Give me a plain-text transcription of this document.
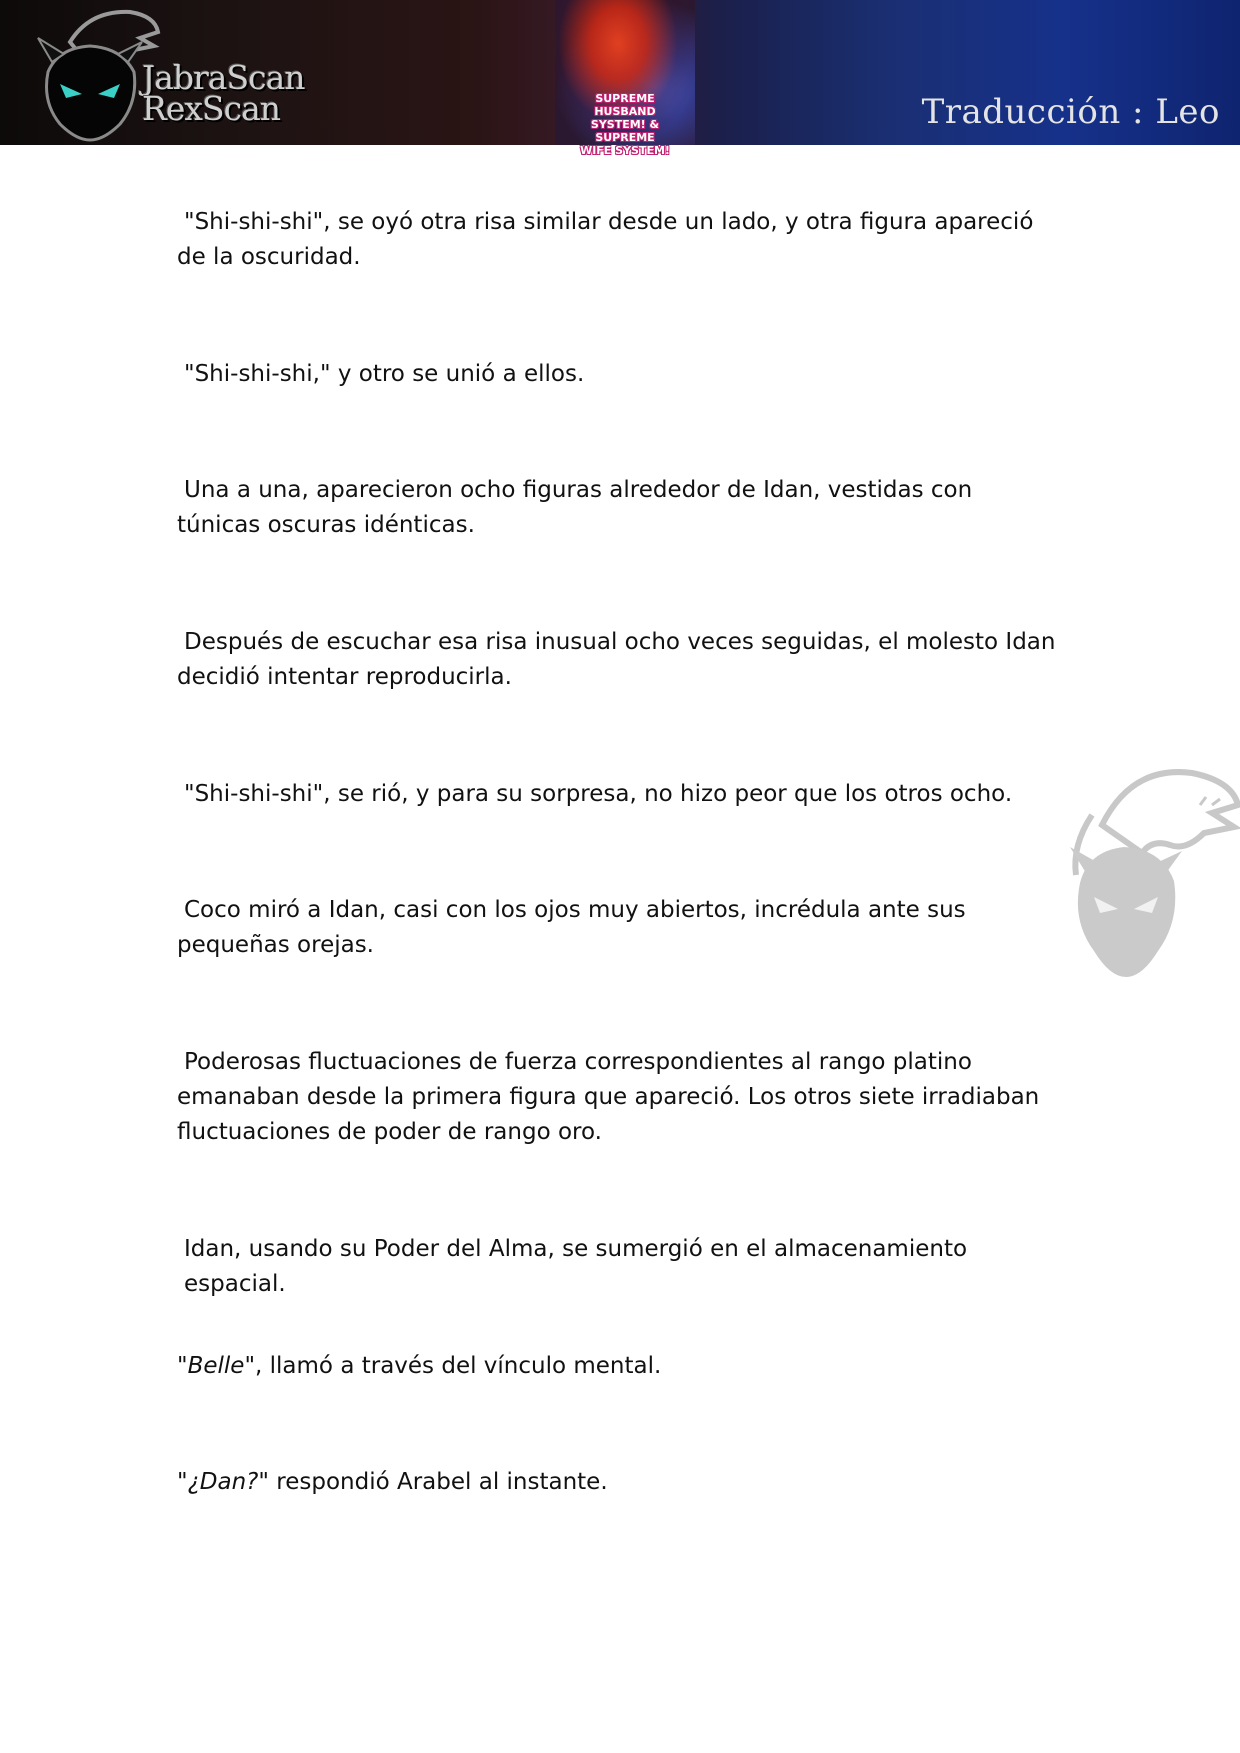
JabraScan
RexScan	SUPREME HUSBAND
SYSTEM! & SUPREME
WIFE SYSTEM!
Traducción : Leo

"Shi-shi-shi", se oyó otra risa similar desde un lado, y otra figura apareció
de la oscuridad.

"Shi-shi-shi," y otro se unió a ellos.

Una a una, aparecieron ocho figuras alrededor de Idan, vestidas con
túnicas oscuras idénticas.

Después de escuchar esa risa inusual ocho veces seguidas, el molesto Idan
decidió intentar reproducirla.

"Shi-shi-shi", se rió, y para su sorpresa, no hizo peor que los otros ocho.

Coco miró a Idan, casi con los ojos muy abiertos, incrédula ante sus
pequeñas orejas.

Poderosas fluctuaciones de fuerza correspondientes al rango platino
emanaban desde la primera figura que apareció. Los otros siete irradiaban
fluctuaciones de poder de rango oro.

Idan, usando su Poder del Alma, se sumergió en el almacenamiento espacial.

"Belle", llamó a través del vínculo mental.

"¿Dan?" respondió Arabel al instante.
